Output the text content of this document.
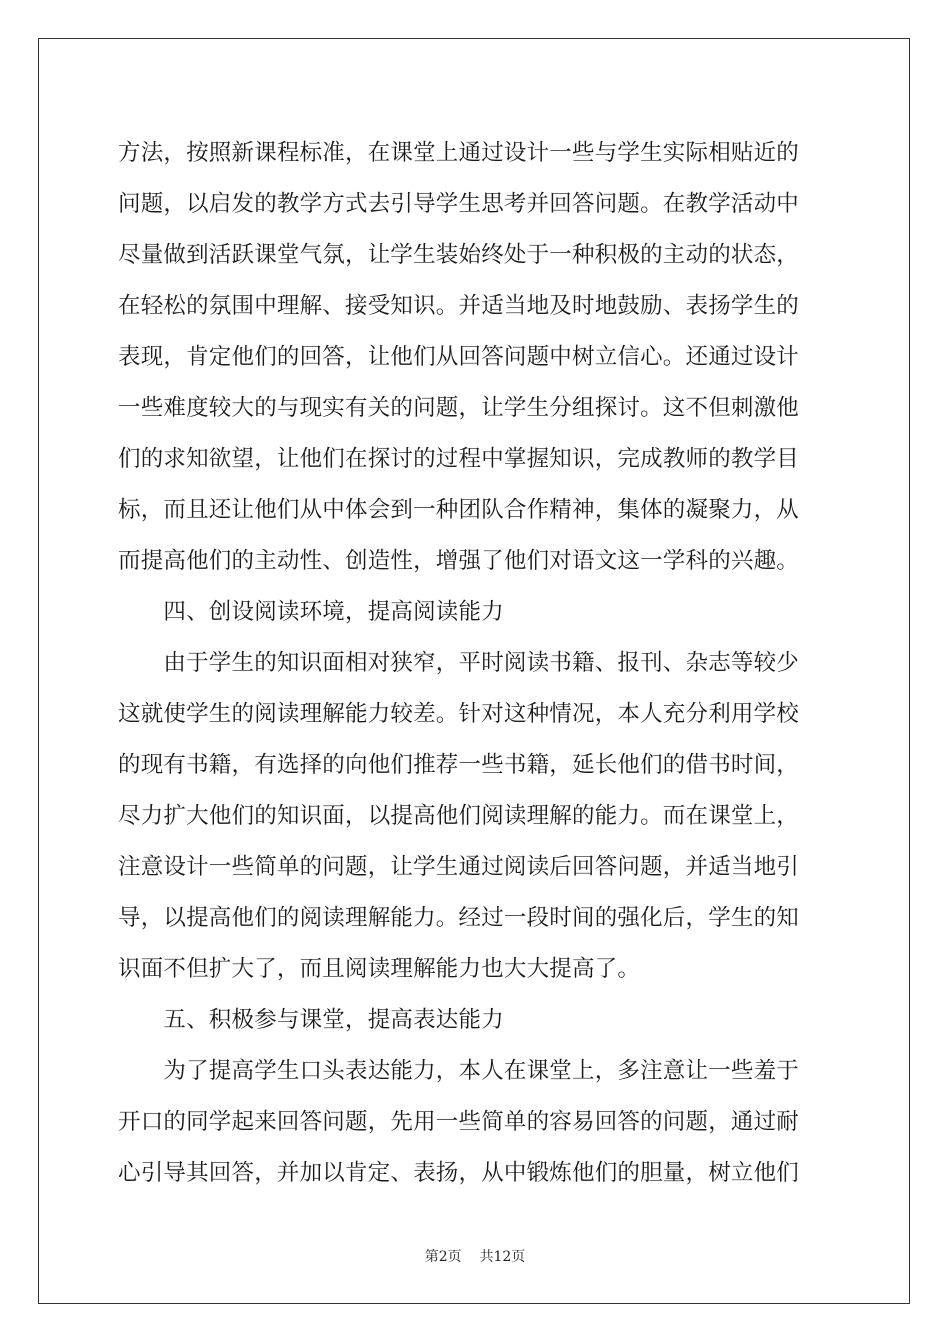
方法，按照新课程标准，在课堂上通过设计一些与学生实际相贴近的
问题，以启发的教学方式去引导学生思考并回答问题。在教学活动中
尽量做到活跃课堂气氛，让学生装始终处于一种积极的主动的状态，
在轻松的氛围中理解、接受知识。并适当地及时地鼓励、表扬学生的
表现，肯定他们的回答，让他们从回答问题中树立信心。还通过设计
一些难度较大的与现实有关的问题，让学生分组探讨。这不但刺激他
们的求知欲望，让他们在探讨的过程中掌握知识，完成教师的教学目
标，而且还让他们从中体会到一种团队合作精神，集体的凝聚力，从
而提高他们的主动性、创造性，增强了他们对语文这一学科的兴趣。
　　四、创设阅读环境，提高阅读能力
　　由于学生的知识面相对狭窄，平时阅读书籍、报刊、杂志等较少
这就使学生的阅读理解能力较差。针对这种情况，本人充分利用学校
的现有书籍，有选择的向他们推荐一些书籍，延长他们的借书时间，
尽力扩大他们的知识面，以提高他们阅读理解的能力。而在课堂上，
注意设计一些简单的问题，让学生通过阅读后回答问题，并适当地引
导，以提高他们的阅读理解能力。经过一段时间的强化后，学生的知
识面不但扩大了，而且阅读理解能力也大大提高了。
　　五、积极参与课堂，提高表达能力
　　为了提高学生口头表达能力，本人在课堂上，多注意让一些羞于
开口的同学起来回答问题，先用一些简单的容易回答的问题，通过耐
心引导其回答，并加以肯定、表扬，从中锻炼他们的胆量，树立他们
第2页    共12页
